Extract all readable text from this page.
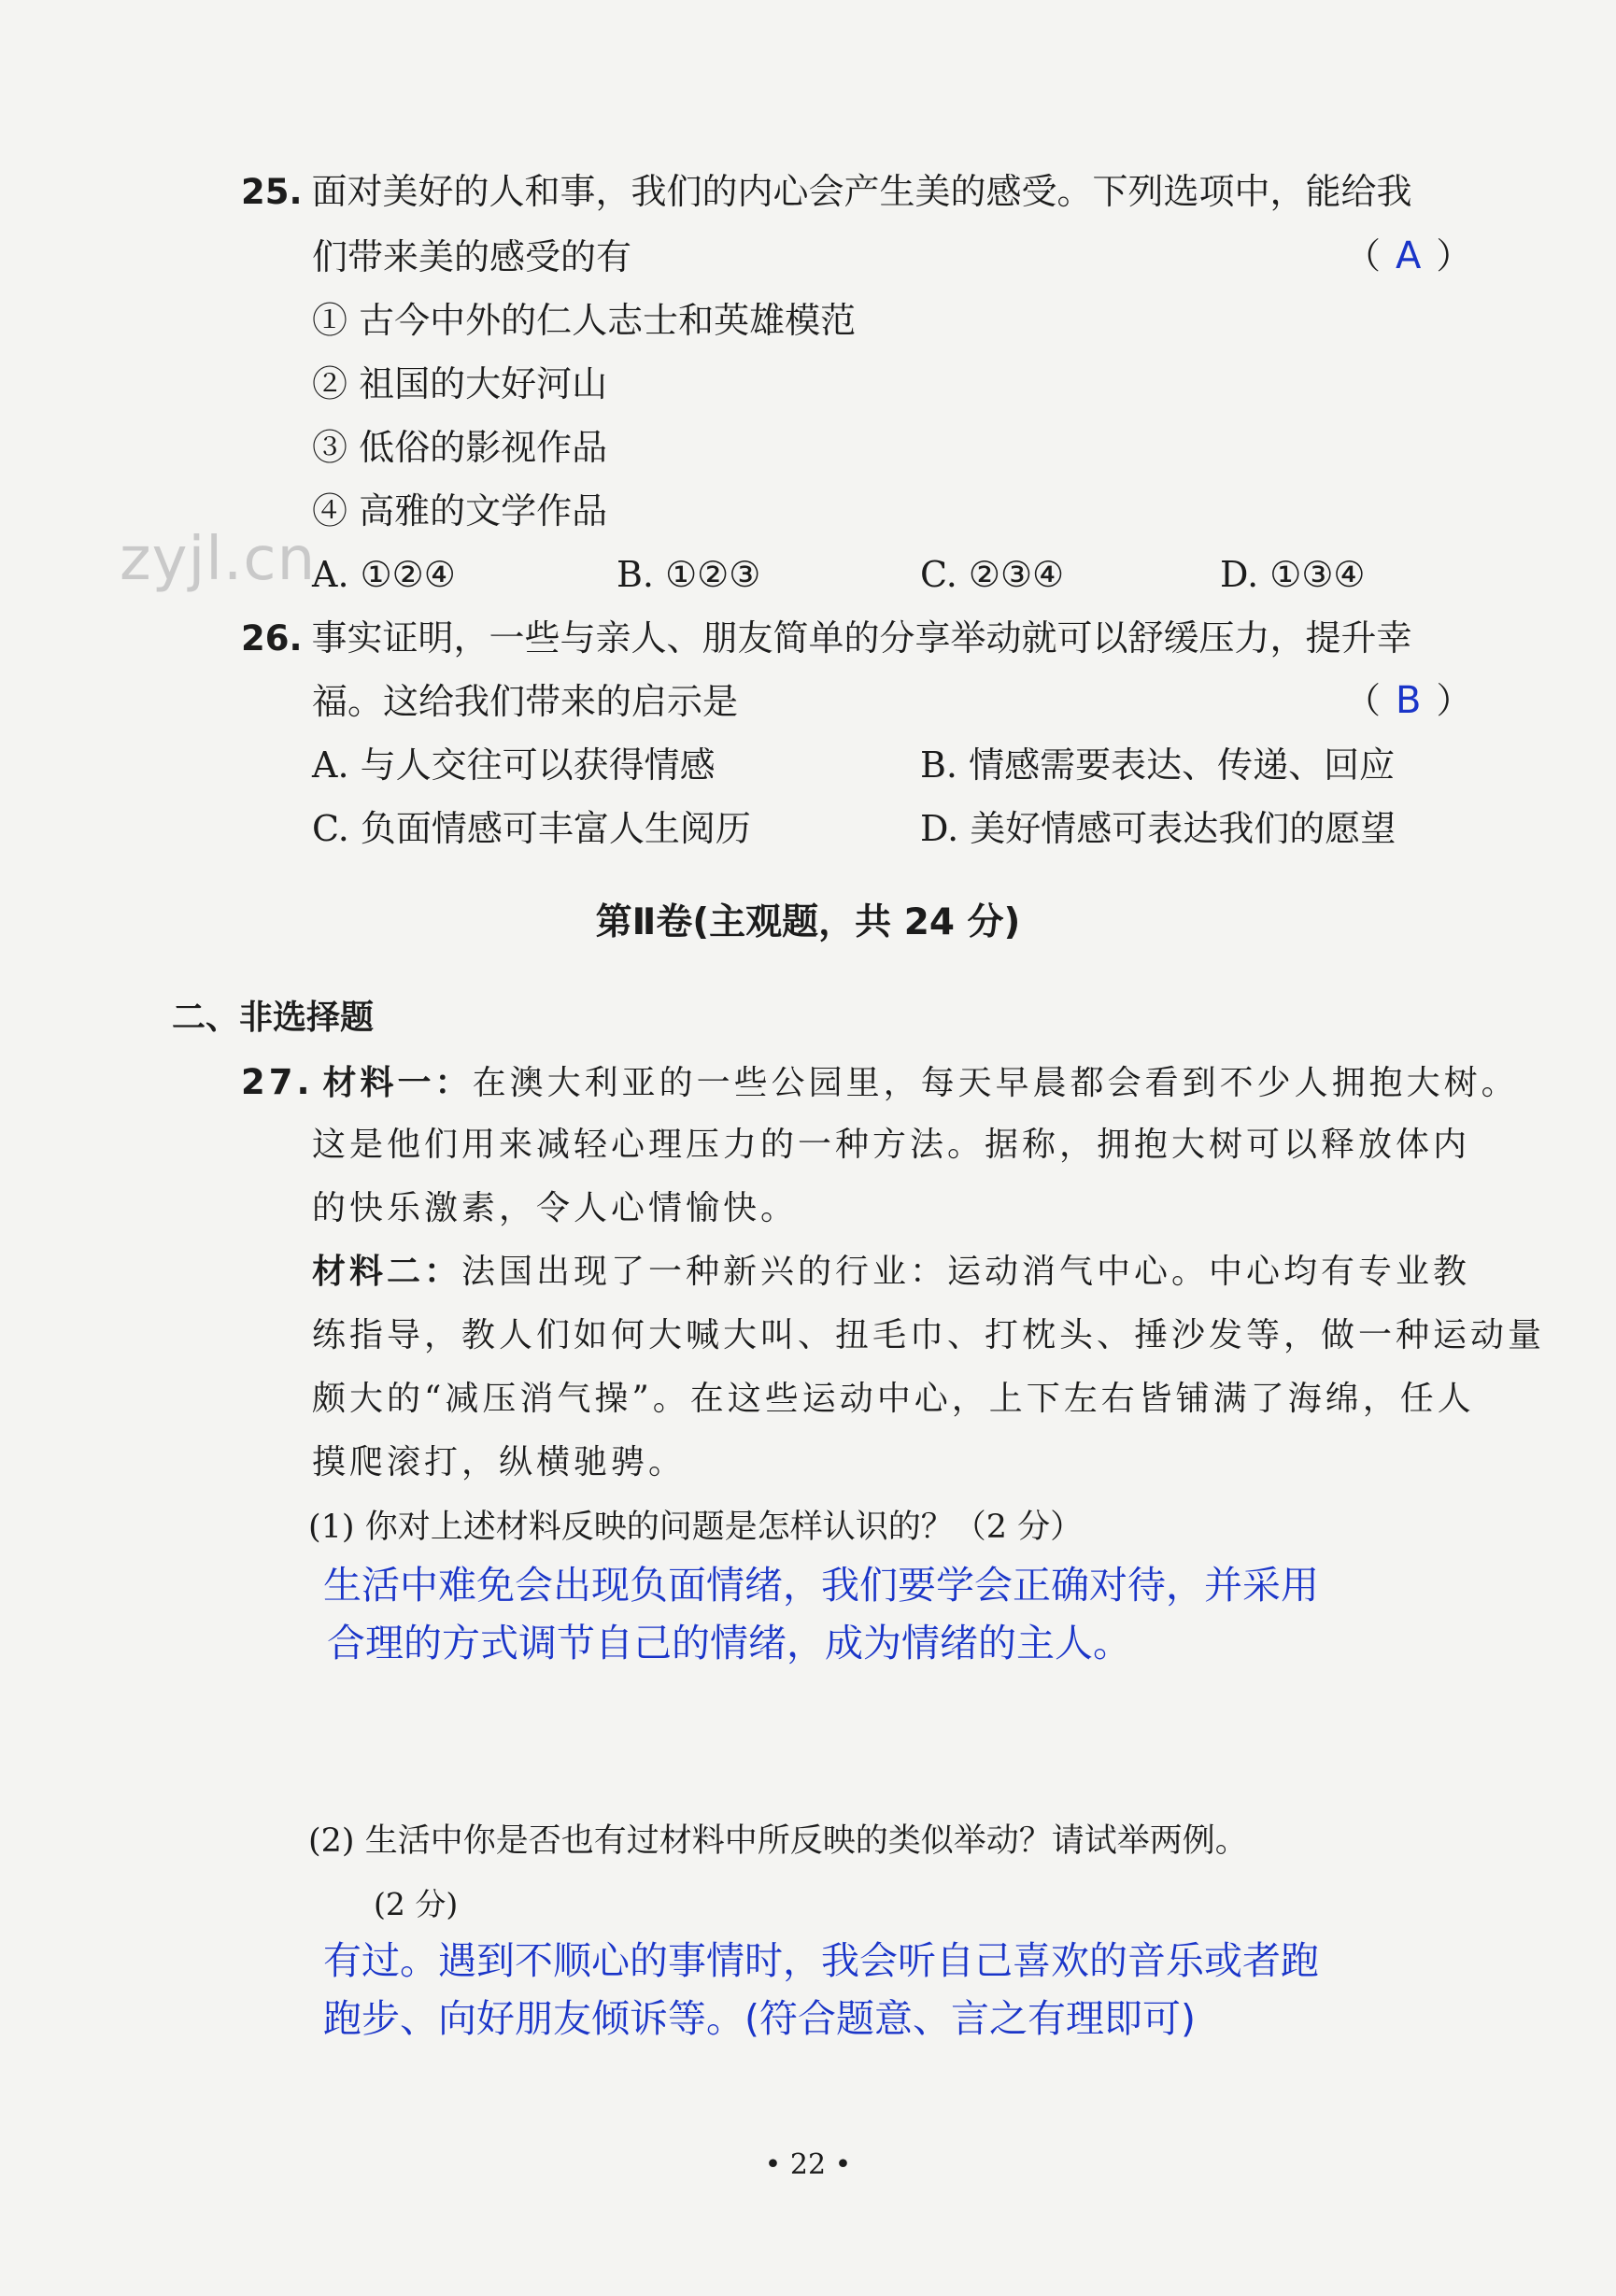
zyjl.cn
25. 面对美好的人和事，我们的内心会产生美的感受。下列选项中，能给我
们带来美的感受的有	（ A ）
① 古今中外的仁人志士和英雄模范
② 祖国的大好河山
③ 低俗的影视作品
④ 高雅的文学作品
A. ①②④	B. ①②③	C. ②③④	D. ①③④
26. 事实证明，一些与亲人、朋友简单的分享举动就可以舒缓压力，提升幸
福。这给我们带来的启示是	（ B ）
A. 与人交往可以获得情感	B. 情感需要表达、传递、回应
C. 负面情感可丰富人生阅历	D. 美好情感可表达我们的愿望
第Ⅱ卷(主观题，共 24 分)
二、非选择题
27. 材料一：在澳大利亚的一些公园里，每天早晨都会看到不少人拥抱大树。
这是他们用来减轻心理压力的一种方法。据称，拥抱大树可以释放体内
的快乐激素，令人心情愉快。
材料二：法国出现了一种新兴的行业：运动消气中心。中心均有专业教
练指导，教人们如何大喊大叫、扭毛巾、打枕头、捶沙发等，做一种运动量
颇大的“减压消气操”。在这些运动中心，上下左右皆铺满了海绵，任人
摸爬滚打，纵横驰骋。
(1) 你对上述材料反映的问题是怎样认识的？（2 分）
生活中难免会出现负面情绪，我们要学会正确对待，并采用
合理的方式调节自己的情绪，成为情绪的主人。
(2) 生活中你是否也有过材料中所反映的类似举动？请试举两例。
(2 分)
有过。遇到不顺心的事情时，我会听自己喜欢的音乐或者跑
跑步、向好朋友倾诉等。(符合题意、言之有理即可)
• 22 •
